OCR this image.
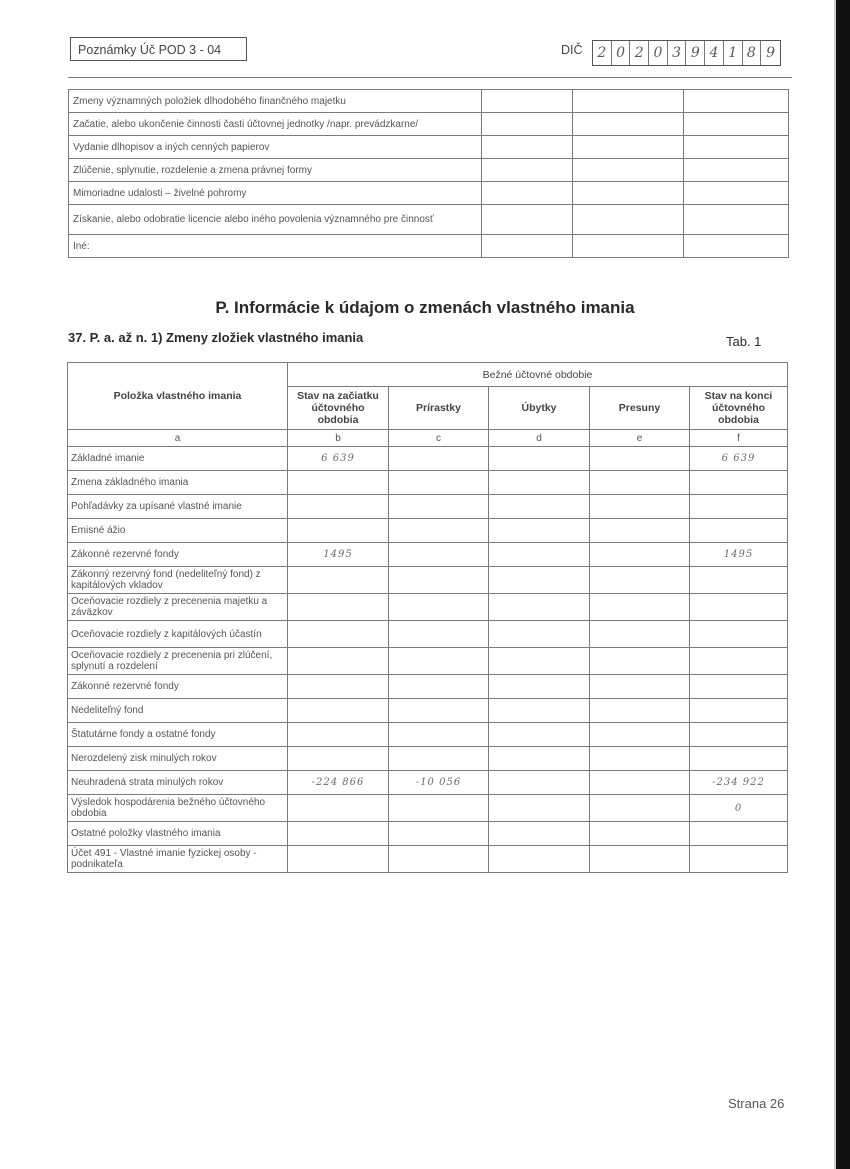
Poznámky Úč POD 3 - 04	DIČ	2 0 2 0 3 9 4 1 8 9
Zmeny významných položiek dlhodobého finančného majetku			
Začatie, alebo ukončenie činnosti časti účtovnej jednotky /napr. prevádzkarne/			
Vydanie dlhopisov a iných cenných papierov			
Zlúčenie, splynutie, rozdelenie a zmena právnej formy			
Mimoriadne udalosti – živelné pohromy			
Získanie, alebo odobratie licencie alebo iného povolenia významného pre činnosť			
Iné:			
P. Informácie k údajom o zmenách vlastného imania
37. P. a. až n. 1) Zmeny zložiek vlastného imania	Tab. 1
Položka vlastného imania	Bežné účtovné obdobie				
	Stav na začiatku účtovného obdobia	Prírastky	Úbytky	Presuny	Stav na konci účtovného obdobia
a	b	c	d	e	f
Základné imanie	6 639				6 639
Zmena základného imania					
Pohľadávky za upísané vlastné imanie					
Emisné ážio					
Zákonné rezervné fondy	1495				1495
Zákonný rezervný fond (nedeliteľný fond) z kapitálových vkladov					
Oceňovacie rozdiely z precenenia majetku a záväzkov					
Oceňovacie rozdiely z kapitálových účastín					
Oceňovacie rozdiely z precenenia pri zlúčení, splynutí a rozdelení					
Zákonné rezervné fondy					
Nedeliteľný fond					
Štatutárne fondy a ostatné fondy					
Nerozdelený zisk minulých rokov					
Neuhradená strata minulých rokov	-224 866	-10 056			-234 922
Výsledok hospodárenia bežného účtovného obdobia					0
Ostatné položky vlastného imania					
Účet 491 - Vlastné imanie fyzickej osoby - podnikateľa					
Strana 26
